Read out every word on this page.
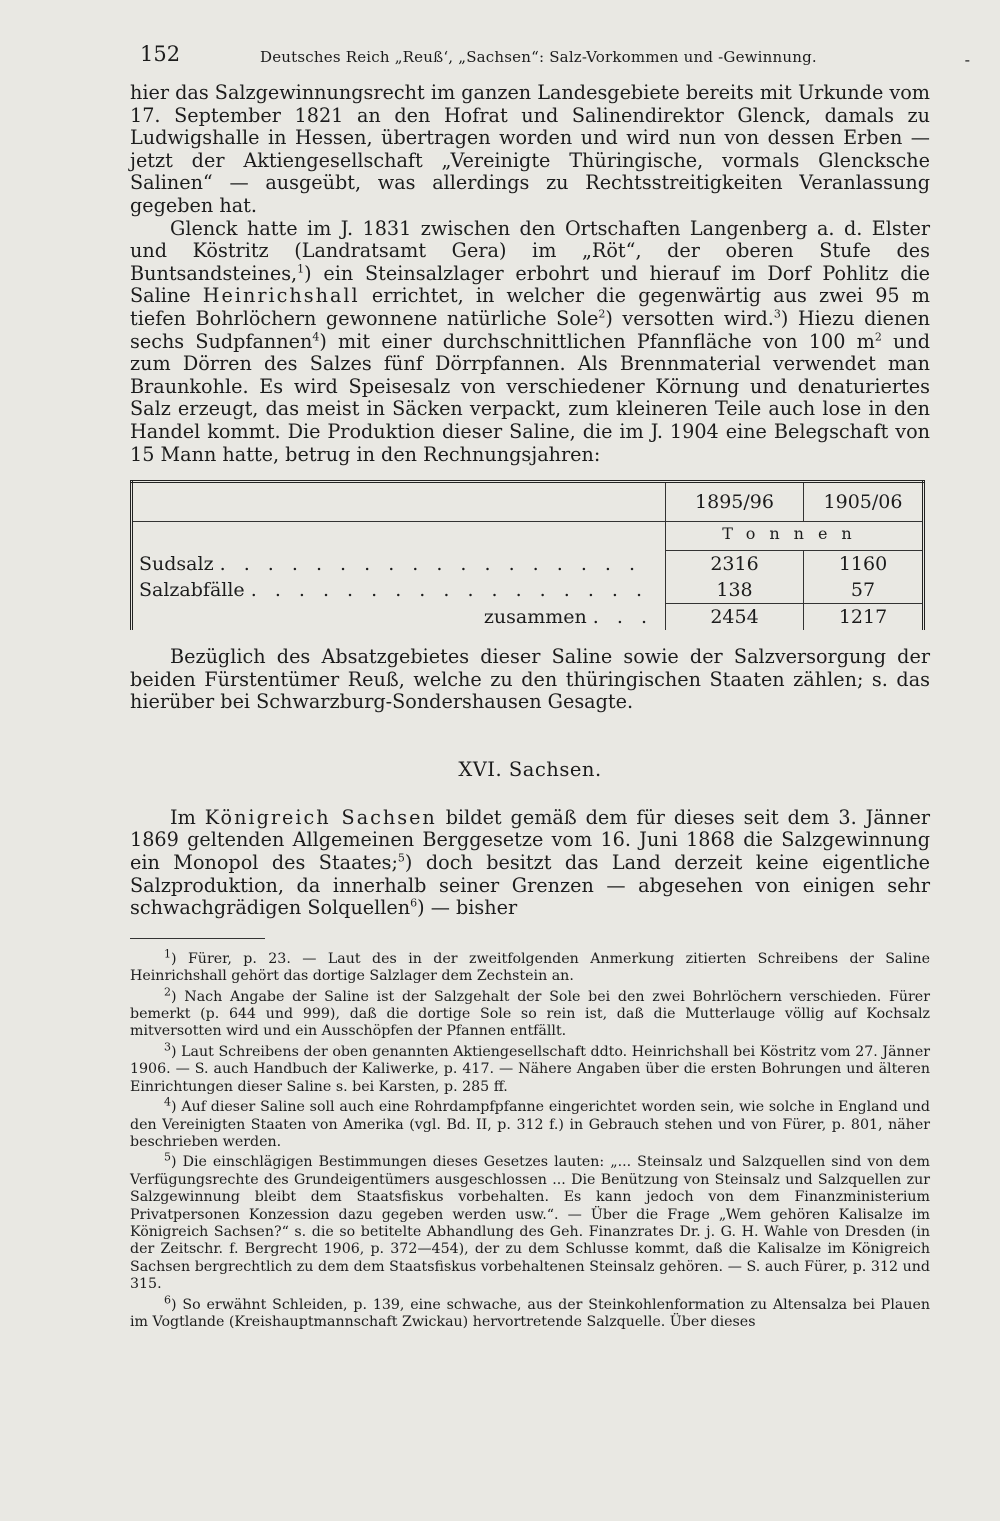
152	Deutsches Reich „Reuß‘, „Sachsen“: Salz-Vorkommen und -Gewinnung.	-

hier das Salzgewinnungsrecht im ganzen Landesgebiete bereits mit Urkunde vom 17. September 1821 an den Hofrat und Salinendirektor Glenck, damals zu Ludwigshalle in Hessen, übertragen worden und wird nun von dessen Erben — jetzt der Aktiengesellschaft „Vereinigte Thüringische, vormals Glencksche Salinen“ — ausgeübt, was allerdings zu Rechtsstreitigkeiten Veranlassung gegeben hat.

Glenck hatte im J. 1831 zwischen den Ortschaften Langenberg a. d. Elster und Köstritz (Landratsamt Gera) im „Röt“, der oberen Stufe des Buntsandsteines,$^1$) ein Steinsalzlager erbohrt und hierauf im Dorf Pohlitz die Saline Heinrichshall errichtet, in welcher die gegenwärtig aus zwei 95 m tiefen Bohrlöchern gewonnene natürliche Sole$^2$) versotten wird.$^3$) Hiezu dienen sechs Sudpfannen$^4$) mit einer durchschnittlichen Pfannfläche von 100 $m^2$ und zum Dörren des Salzes fünf Dörrpfannen. Als Brennmaterial verwendet man Braunkohle. Es wird Speisesalz von verschiedener Körnung und denaturiertes Salz erzeugt, das meist in Säcken verpackt, zum kleineren Teile auch lose in den Handel kommt. Die Produktion dieser Saline, die im J. 1904 eine Belegschaft von 15 Mann hatte, betrug in den Rechnungsjahren:

	1895/96	1905/06
	Tonnen	
Sudsalz . . . . . . . . . . . . . . . . . .	2316	1160
Salzabfälle . . . . . . . . . . . . . . . . .	138	57
zusammen . . .	2454	1217

Bezüglich des Absatzgebietes dieser Saline sowie der Salzversorgung der beiden Fürstentümer Reuß, welche zu den thüringischen Staaten zählen; s. das hierüber bei Schwarzburg-Sondershausen Gesagte.

XVI. Sachsen.

Im Königreich Sachsen bildet gemäß dem für dieses seit dem 3. Jänner 1869 geltenden Allgemeinen Berggesetze vom 16. Juni 1868 die Salzgewinnung ein Monopol des Staates;$^5$) doch besitzt das Land derzeit keine eigentliche Salzproduktion, da innerhalb seiner Grenzen — abgesehen von einigen sehr schwachgrädigen Solquellen$^6$) — bisher

$^1$) Fürer, p. 23. — Laut des in der zweitfolgenden Anmerkung zitierten Schreibens der Saline Heinrichshall gehört das dortige Salzlager dem Zechstein an.

$^2$) Nach Angabe der Saline ist der Salzgehalt der Sole bei den zwei Bohrlöchern verschieden. Fürer bemerkt (p. 644 und 999), daß die dortige Sole so rein ist, daß die Mutterlauge völlig auf Kochsalz mitversotten wird und ein Ausschöpfen der Pfannen entfällt.

$^3$) Laut Schreibens der oben genannten Aktiengesellschaft ddto. Heinrichshall bei Köstritz vom 27. Jänner 1906. — S. auch Handbuch der Kaliwerke, p. 417. — Nähere Angaben über die ersten Bohrungen und älteren Einrichtungen dieser Saline s. bei Karsten, p. 285 ff.

$^4$) Auf dieser Saline soll auch eine Rohrdampfpfanne eingerichtet worden sein, wie solche in England und den Vereinigten Staaten von Amerika (vgl. Bd. II, p. 312 f.) in Gebrauch stehen und von Fürer, p. 801, näher beschrieben werden.

$^5$) Die einschlägigen Bestimmungen dieses Gesetzes lauten: „... Steinsalz und Salzquellen sind von dem Verfügungsrechte des Grundeigentümers ausgeschlossen ... Die Benützung von Steinsalz und Salzquellen zur Salzgewinnung bleibt dem Staatsfiskus vorbehalten. Es kann jedoch von dem Finanzministerium Privatpersonen Konzession dazu gegeben werden usw.“. — Über die Frage „Wem gehören Kalisalze im Königreich Sachsen?“ s. die so betitelte Abhandlung des Geh. Finanzrates Dr. j. G. H. Wahle von Dresden (in der Zeitschr. f. Bergrecht 1906, p. 372—454), der zu dem Schlusse kommt, daß die Kalisalze im Königreich Sachsen bergrechtlich zu dem dem Staatsfiskus vorbehaltenen Steinsalz gehören. — S. auch Fürer, p. 312 und 315.

$^6$) So erwähnt Schleiden, p. 139, eine schwache, aus der Steinkohlenformation zu Altensalza bei Plauen im Vogtlande (Kreishauptmannschaft Zwickau) hervortretende Salzquelle. Über dieses
